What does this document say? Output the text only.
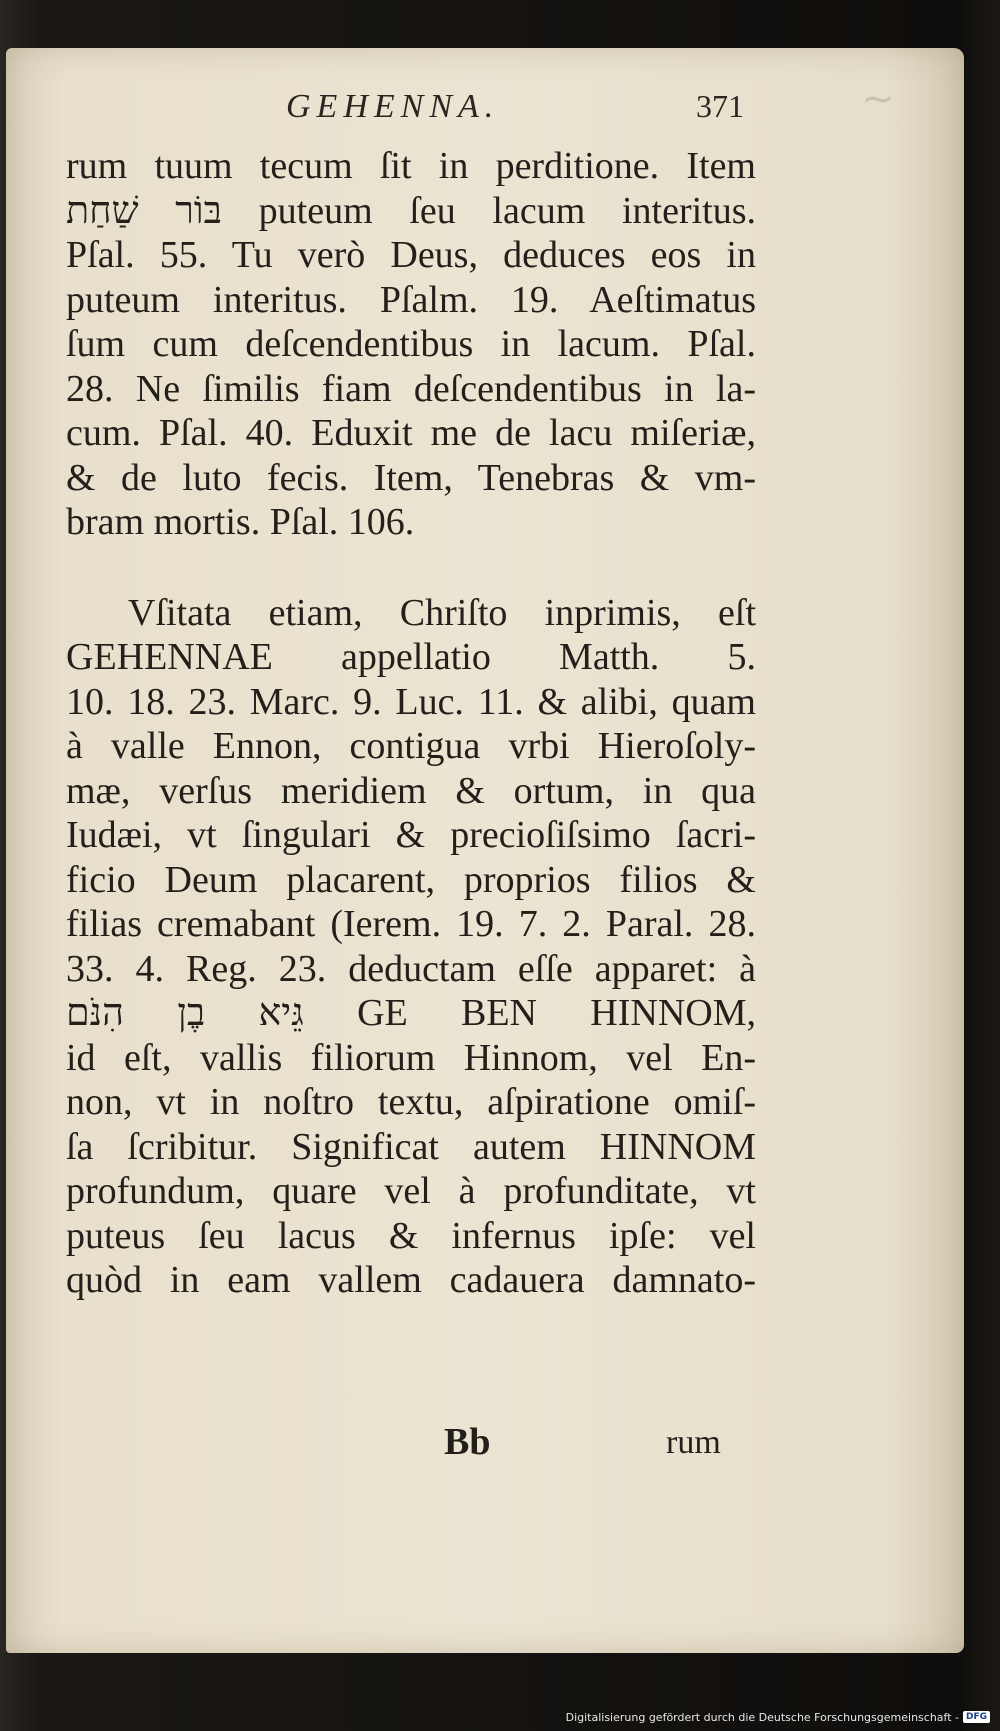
~
GEHENNA.	371
rum tuum tecum ſit in perditione. Item
בּוֹר שַׁחַת puteum ſeu lacum interitus.
Pſal. 55. Tu verò Deus, deduces eos in
puteum interitus. Pſalm. 19. Aeſtimatus
ſum cum deſcendentibus in lacum. Pſal.
28. Ne ſimilis fiam deſcendentibus in la-
cum. Pſal. 40. Eduxit me de lacu miſeriæ,
& de luto fecis. Item, Tenebras & vm-
bram mortis. Pſal. 106.
Vſitata etiam, Chriſto inprimis, eſt
GEHENNAE appellatio Matth. 5.
10. 18. 23. Marc. 9. Luc. 11. & alibi, quam
à valle Ennon, contigua vrbi Hieroſoly-
mæ, verſus meridiem & ortum, in qua
Iudæi, vt ſingulari & precioſiſsimo ſacri-
ficio Deum placarent, proprios filios &
filias cremabant (Ierem. 19. 7. 2. Paral. 28.
33. 4. Reg. 23. deductam eſſe apparet: à
גֵּיא בֶן הִנֹּם GE BEN HINNOM,
id eſt, vallis filiorum Hinnom, vel En-
non, vt in noſtro textu, aſpiratione omiſ-
ſa ſcribitur. Significat autem HINNOM
profundum, quare vel à profunditate, vt
puteus ſeu lacus & infernus ipſe: vel
quòd in eam vallem cadauera damnato-
Bb	rum
Digitalisierung gefördert durch die Deutsche Forschungsgemeinschaft - DFG
